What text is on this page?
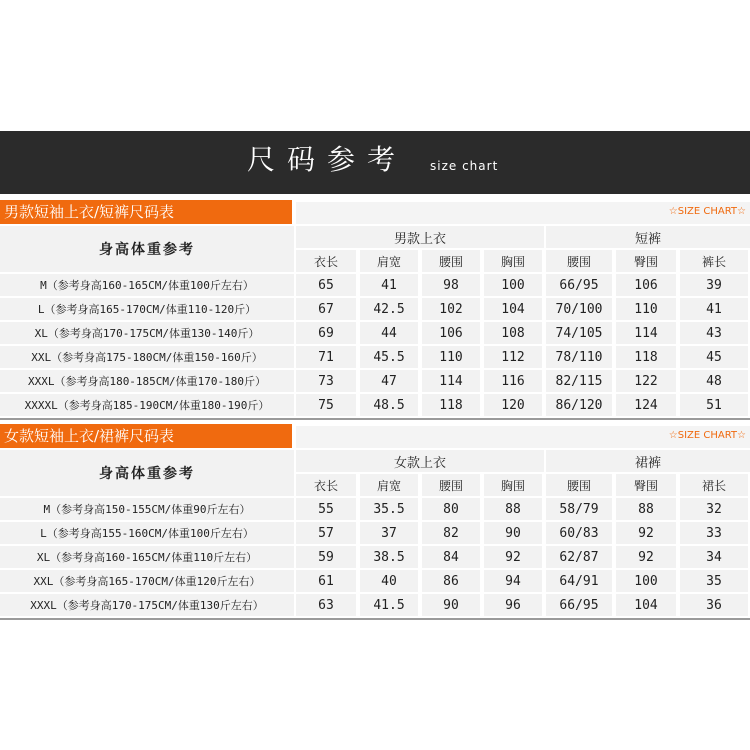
尺码参考 size chart
男款短袖上衣/短裤尺码表	☆SIZE CHART☆
身高体重参考
男款上衣	短裤
衣长	肩宽	腰围	胸围	腰围	臀围	裤长
M（参考身高160-165CM/体重100斤左右）	65	41	98	100	66/95	106	39
L（参考身高165-170CM/体重110-120斤）	67	42.5	102	104	70/100	110	41
XL（参考身高170-175CM/体重130-140斤）	69	44	106	108	74/105	114	43
XXL（参考身高175-180CM/体重150-160斤）	71	45.5	110	112	78/110	118	45
XXXL（参考身高180-185CM/体重170-180斤）	73	47	114	116	82/115	122	48
XXXXL（参考身高185-190CM/体重180-190斤）	75	48.5	118	120	86/120	124	51
女款短袖上衣/裙裤尺码表	☆SIZE CHART☆
身高体重参考
女款上衣	裙裤
衣长	肩宽	腰围	胸围	腰围	臀围	裙长
M（参考身高150-155CM/体重90斤左右）	55	35.5	80	88	58/79	88	32
L（参考身高155-160CM/体重100斤左右）	57	37	82	90	60/83	92	33
XL（参考身高160-165CM/体重110斤左右）	59	38.5	84	92	62/87	92	34
XXL（参考身高165-170CM/体重120斤左右）	61	40	86	94	64/91	100	35
XXXL（参考身高170-175CM/体重130斤左右）	63	41.5	90	96	66/95	104	36
